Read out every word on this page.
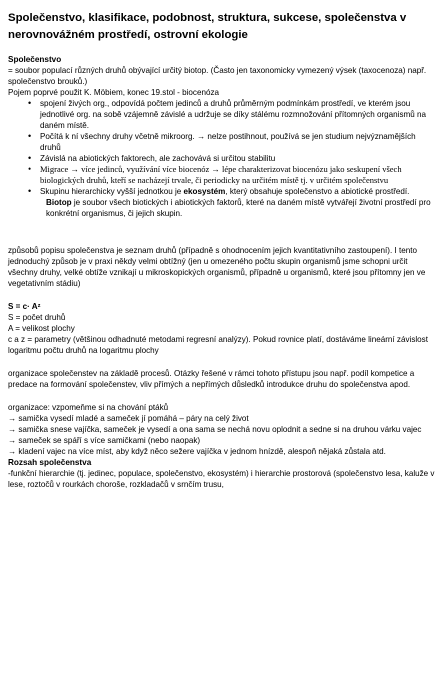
Společenstvo, klasifikace, podobnost, struktura, sukcese, společenstva v nerovnovážném prostředí, ostrovní ekologie
Společenstvo

= soubor populací různých druhů obývající určitý biotop. (Často jen taxonomicky vymezený výsek (taxocenoza) např. společenstvo brouků.)

Pojem poprvé použit K. Möbiem, konec 19.stol - biocenóza

• spojení živých org., odpovídá počtem jedinců a druhů průměrným podmínkám prostředí, ve kterém jsou jednotlivé org. na sobě vzájemně závislé a udržuje se díky stálému rozmnožování přítomných organismů na daném místě.
• Počítá k ní všechny druhy včetně mikroorg. → nelze postihnout, používá se jen studium nejvýznamějších druhů
• Závislá na abiotických faktorech, ale zachovává si určitou stabilitu
• Migrace → více jedinců, využívání více biocenóz → lépe charakterizovat biocenózu jako seskupení všech biologických druhů, kteří se nacházejí trvale, či periodicky na určitém místě tj. v určitém společenstvu
• Skupinu hierarchicky vyšší jednotkou je ekosystém, který obsahuje společenstvo a abiotické prostředí.
Biotop je soubor všech biotických i abiotických faktorů, které na daném místě vytvářejí životní prostředí pro konkrétní organismus, či jejich skupin.

způsobů popisu společenstva je seznam druhů (případně s ohodnocením jejich kvantitativního zastoupení). I tento jednoduchý způsob je v praxi někdy velmi obtížný (jen u omezeného počtu skupin organismů jsme schopni určit všechny druhy, velké obtíže vznikají u mikroskopických organismů, případně u organismů, které jsou přítomny jen ve vegetativním stádiu)

S = c· Aᶻ
S = počet druhů
A = velikost plochy
c a z = parametry (většinou odhadnuté metodami regresní analýzy). Pokud rovnice platí, dostáváme lineární závislost logaritmu počtu druhů na logaritmu plochy

organizace společenstev na základě procesů. Otázky řešené v rámci tohoto přístupu jsou např. podíl kompetice a predace na formování společenstev, vliv přímých a nepřímých důsledků introdukce druhu do společenstva apod.

organizace: vzpomeňme si na chování ptáků
→ samička vysedí mladé a sameček jí pomáhá – páry na celý život
→ samička snese vajíčka, sameček je vysedí a ona sama se nechá novu oplodnit a sedne si na druhou várku vajec
→ sameček se spáří s více samičkami (nebo naopak)
→ kladení vajec na více míst, aby když něco sežere vajíčka v jednom hnízdě, alespoň nějaká zůstala atd.
Rozsah společenstva
-funkční hierarchie (tj. jedinec, populace, společenstvo, ekosystém) i hierarchie prostorová (společenstvo lesa, kaluže v lese, roztočů v rourkách choroše, rozkladačů v srnčím trusu,
